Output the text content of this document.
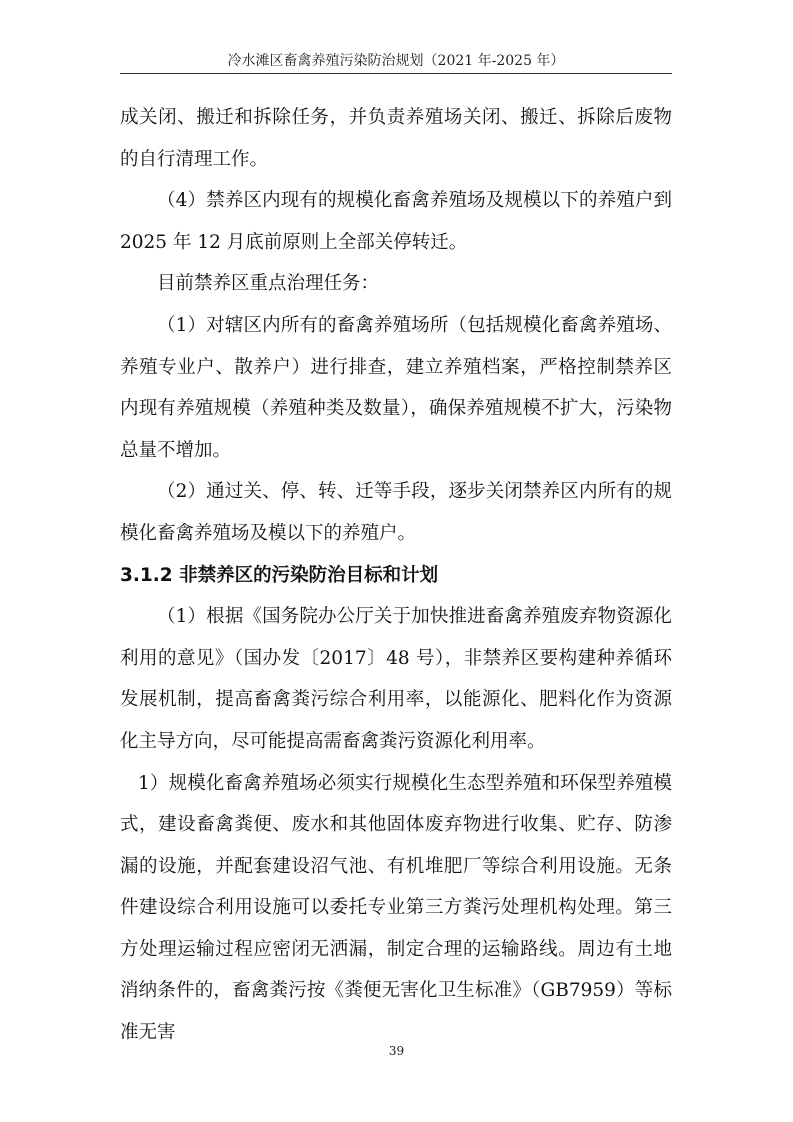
冷水滩区畜禽养殖污染防治规划（2021 年-2025 年）

成关闭、搬迁和拆除任务，并负责养殖场关闭、搬迁、拆除后废物的自行清理工作。

（4）禁养区内现有的规模化畜禽养殖场及规模以下的养殖户到 2025 年 12 月底前原则上全部关停转迁。

目前禁养区重点治理任务：

（1）对辖区内所有的畜禽养殖场所（包括规模化畜禽养殖场、养殖专业户、散养户）进行排查，建立养殖档案，严格控制禁养区内现有养殖规模（养殖种类及数量），确保养殖规模不扩大，污染物总量不增加。

（2）通过关、停、转、迁等手段，逐步关闭禁养区内所有的规模化畜禽养殖场及模以下的养殖户。

3.1.2 非禁养区的污染防治目标和计划

（1）根据《国务院办公厅关于加快推进畜禽养殖废弃物资源化利用的意见》（国办发〔2017〕48 号），非禁养区要构建种养循环发展机制，提高畜禽粪污综合利用率，以能源化、肥料化作为资源化主导方向，尽可能提高需畜禽粪污资源化利用率。

1）规模化畜禽养殖场必须实行规模化生态型养殖和环保型养殖模式，建设畜禽粪便、废水和其他固体废弃物进行收集、贮存、防渗漏的设施，并配套建设沼气池、有机堆肥厂等综合利用设施。无条件建设综合利用设施可以委托专业第三方粪污处理机构处理。第三方处理运输过程应密闭无洒漏，制定合理的运输路线。周边有土地消纳条件的，畜禽粪污按《粪便无害化卫生标准》（GB7959）等标准无害

39
